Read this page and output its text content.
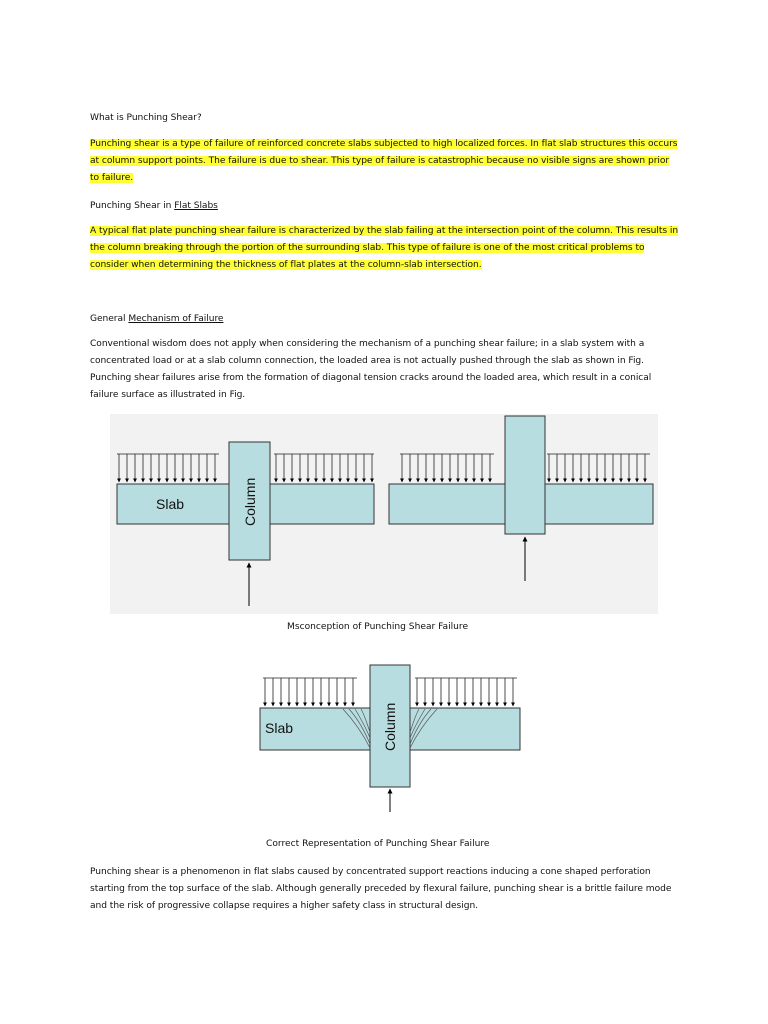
What is Punching Shear?
Punching shear is a type of failure of reinforced concrete slabs subjected to high localized forces. In flat slab structures this occurs at column support points. The failure is due to shear. This type of failure is catastrophic because no visible signs are shown prior to failure.
Punching Shear in Flat Slabs
A typical flat plate punching shear failure is characterized by the slab failing at the intersection point of the column. This results in the column breaking through the portion of the surrounding slab. This type of failure is one of the most critical problems to consider when determining the thickness of flat plates at the column-slab intersection.
General Mechanism of Failure
Conventional wisdom does not apply when considering the mechanism of a punching shear failure; in a slab system with a concentrated load or at a slab column connection, the loaded area is not actually pushed through the slab as shown in Fig. Punching shear failures arise from the formation of diagonal tension cracks around the loaded area, which result in a conical failure surface as illustrated in Fig.
Slab	Column
Msconception of Punching Shear Failure
Slab	Column
Correct Representation of Punching Shear Failure
Punching shear is a phenomenon in flat slabs caused by concentrated support reactions inducing a cone shaped perforation starting from the top surface of the slab. Although generally preceded by flexural failure, punching shear is a brittle failure mode and the risk of progressive collapse requires a higher safety class in structural design.
